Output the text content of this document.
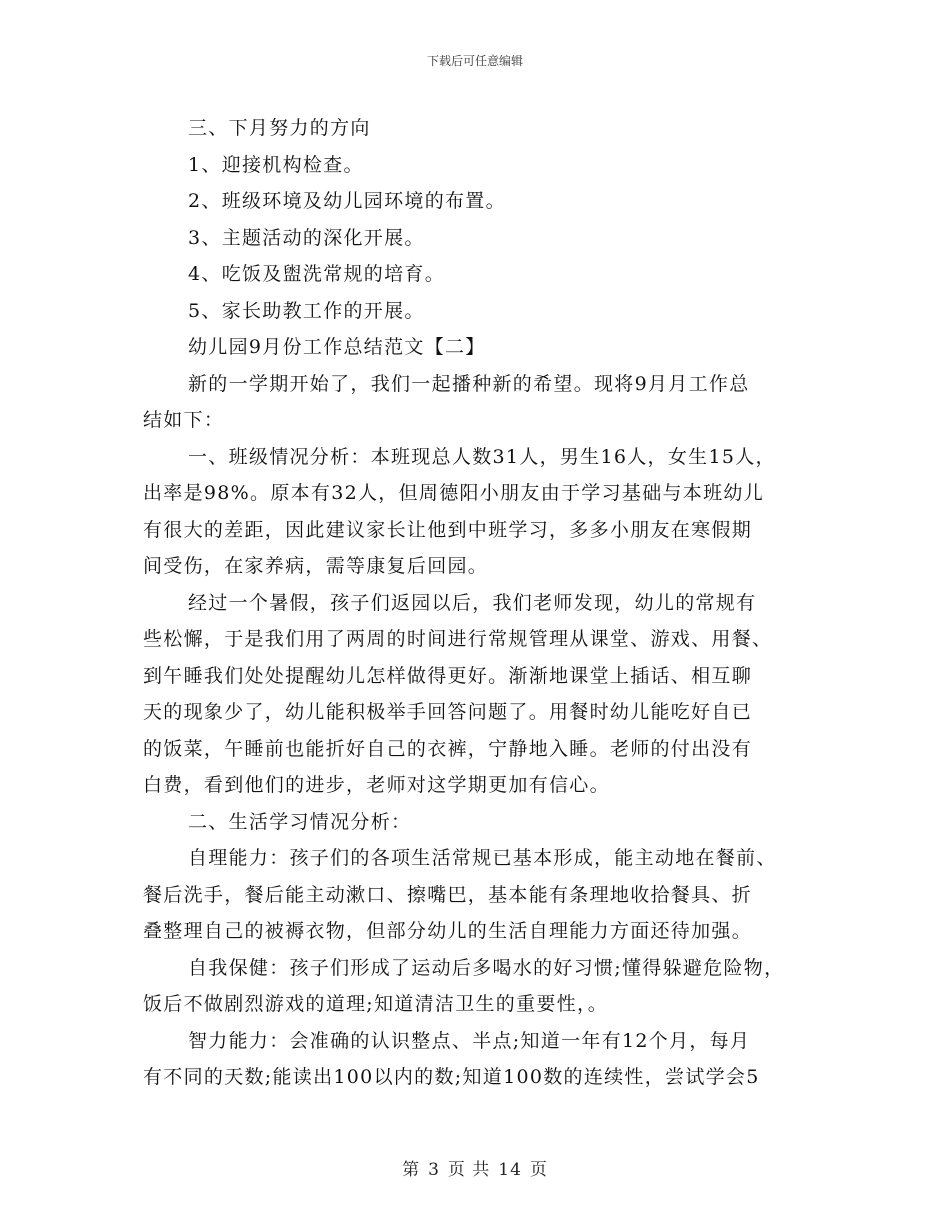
下载后可任意编辑
三、下月努力的方向
1、迎接机构检查。
2、班级环境及幼儿园环境的布置。
3、主题活动的深化开展。
4、吃饭及盥洗常规的培育。
5、家长助教工作的开展。
幼儿园9月份工作总结范文【二】
新的一学期开始了，我们一起播种新的希望。现将9月月工作总
结如下：
一、班级情况分析：本班现总人数31人，男生16人，女生15人，
出率是98%。原本有32人，但周德阳小朋友由于学习基础与本班幼儿
有很大的差距，因此建议家长让他到中班学习，多多小朋友在寒假期
间受伤，在家养病，需等康复后回园。
经过一个暑假，孩子们返园以后，我们老师发现，幼儿的常规有
些松懈，于是我们用了两周的时间进行常规管理从课堂、游戏、用餐、
到午睡我们处处提醒幼儿怎样做得更好。渐渐地课堂上插话、相互聊
天的现象少了，幼儿能积极举手回答问题了。用餐时幼儿能吃好自已
的饭菜，午睡前也能折好自己的衣裤，宁静地入睡。老师的付出没有
白费，看到他们的进步，老师对这学期更加有信心。
二、生活学习情况分析：
自理能力：孩子们的各项生活常规已基本形成，能主动地在餐前、
餐后洗手，餐后能主动漱口、擦嘴巴，基本能有条理地收拾餐具、折
叠整理自己的被褥衣物，但部分幼儿的生活自理能力方面还待加强。
自我保健：孩子们形成了运动后多喝水的好习惯;懂得躲避危险物，
饭后不做剧烈游戏的道理;知道清洁卫生的重要性，。
智力能力：会准确的认识整点、半点;知道一年有12个月，每月
有不同的天数;能读出100以内的数;知道100数的连续性，尝试学会5
第 3 页 共 14 页
